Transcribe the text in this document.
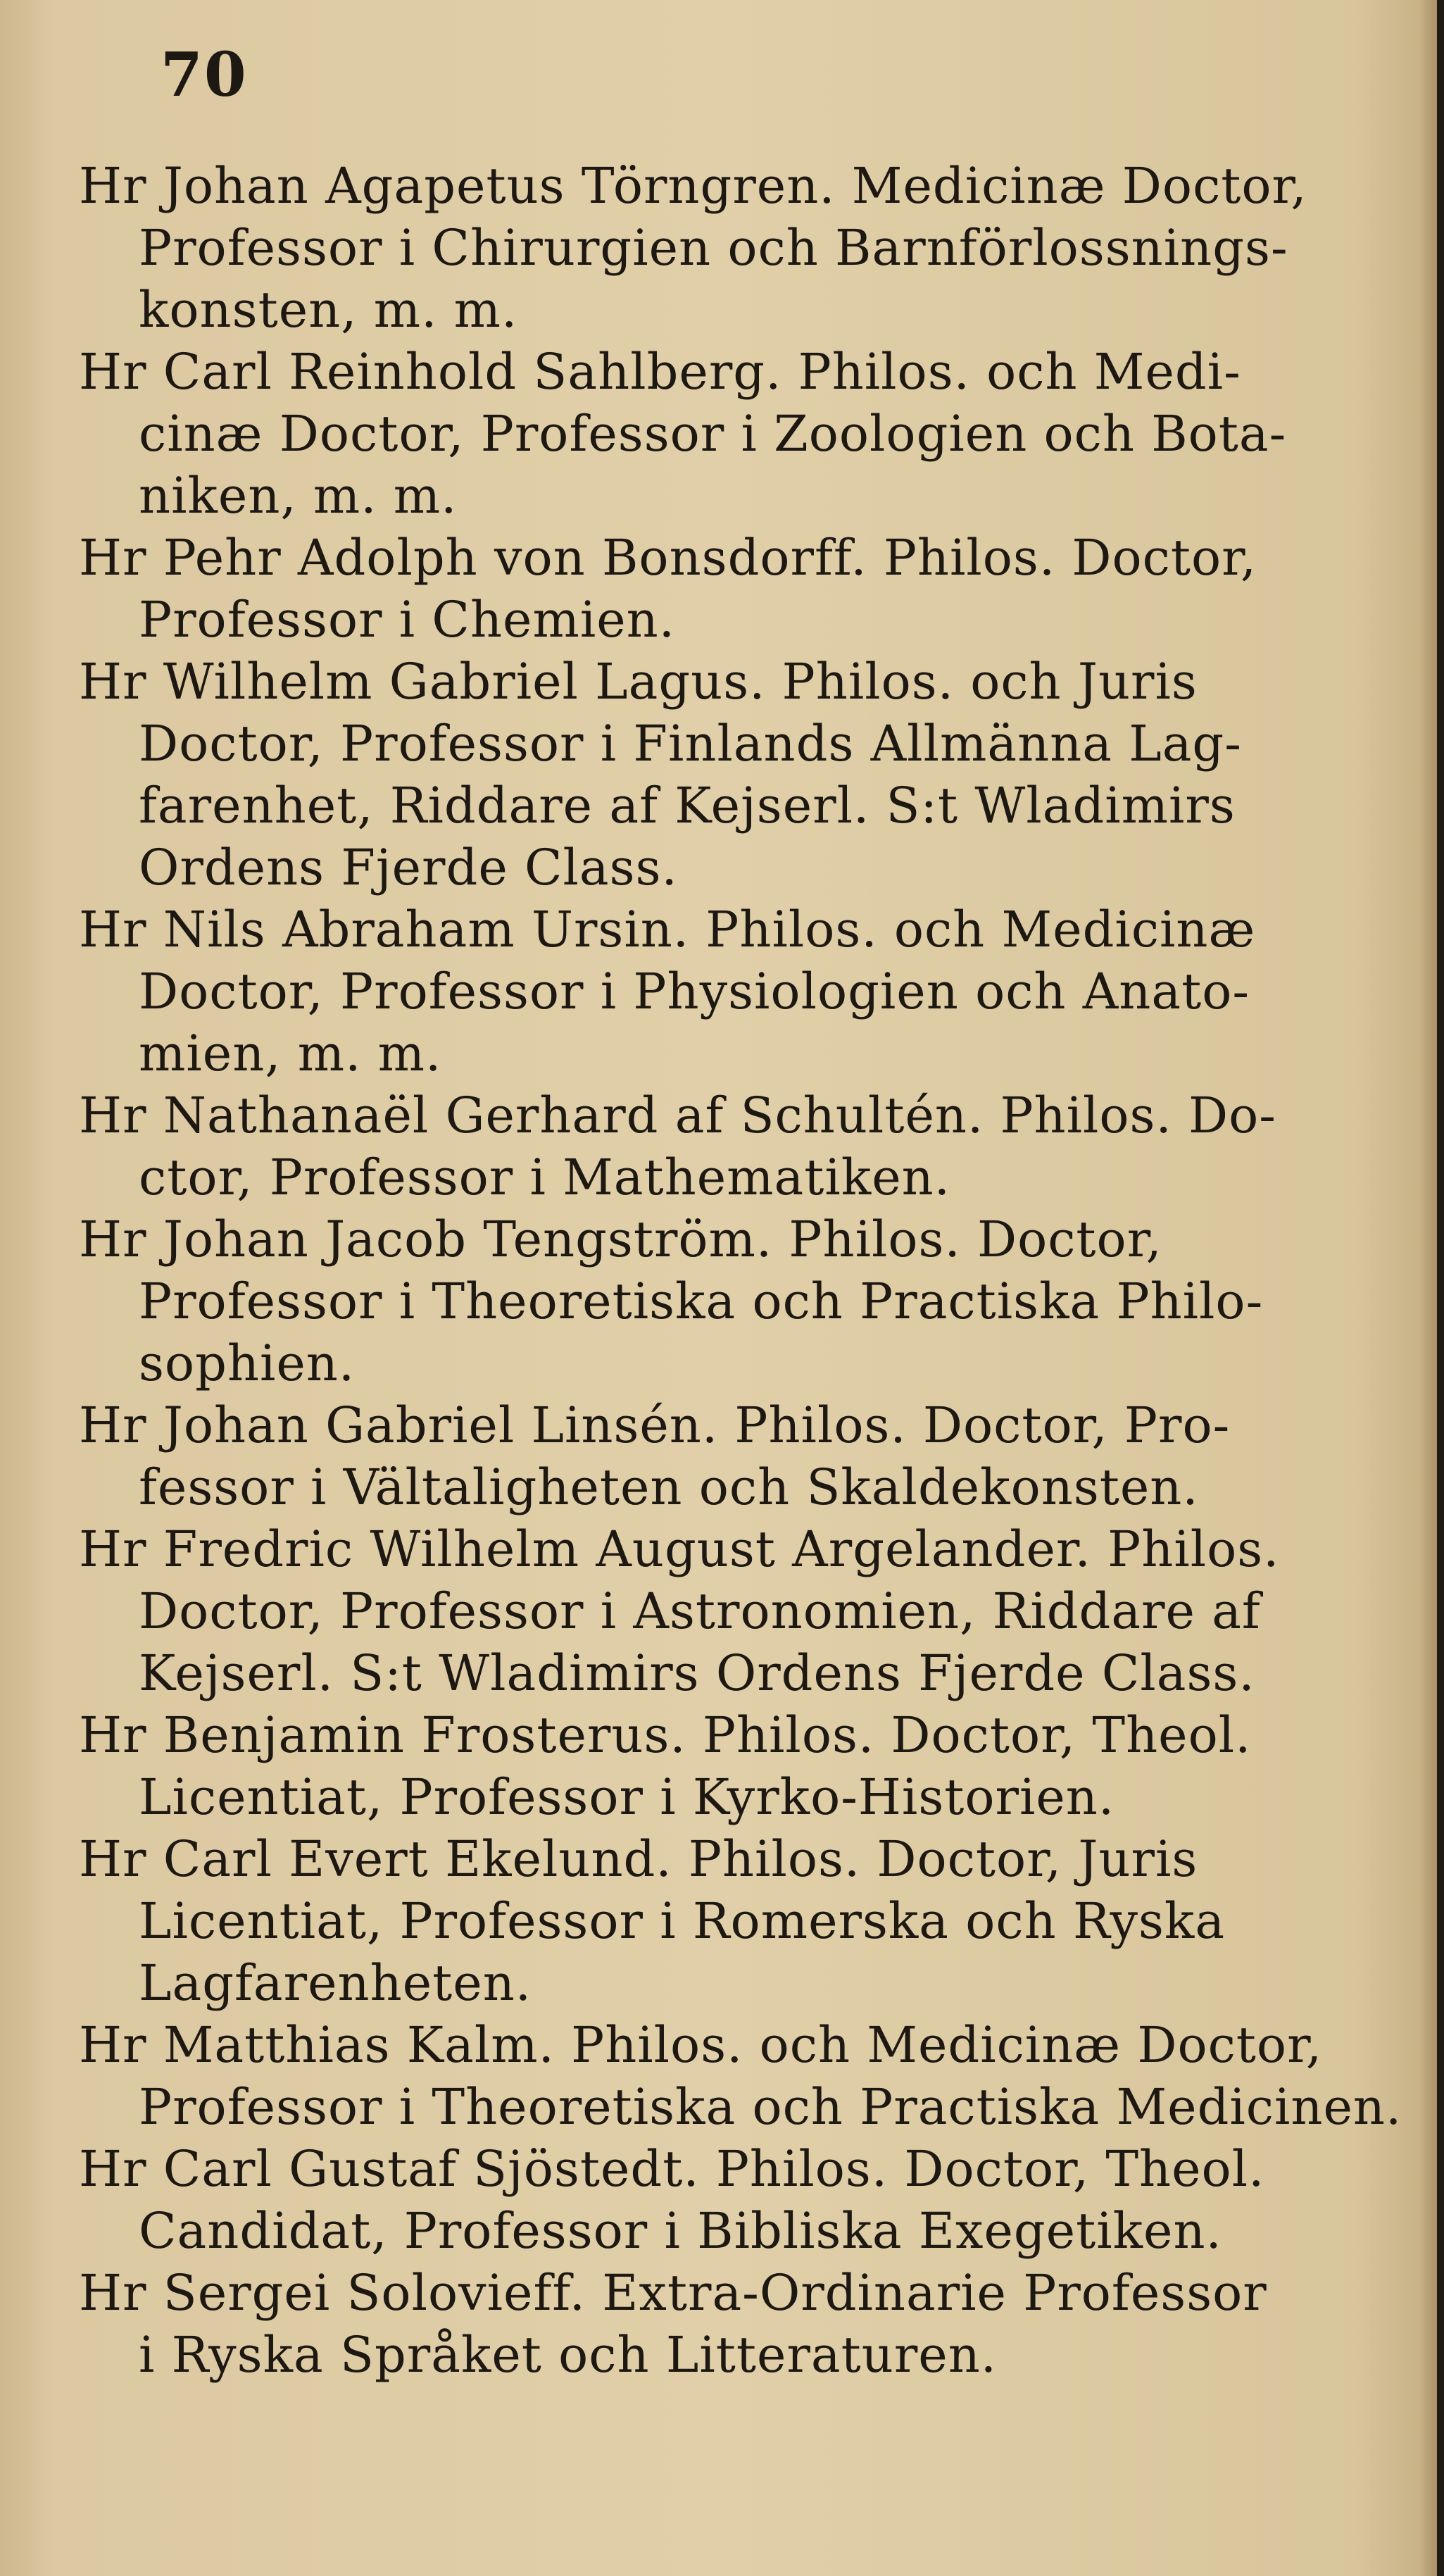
70
Hr Johan Agapetus Törngren. Medicinæ Doctor,
Professor i Chirurgien och Barnförlossnings-
konsten, m. m.
Hr Carl Reinhold Sahlberg. Philos. och Medi-
cinæ Doctor, Professor i Zoologien och Bota-
niken, m. m.
Hr Pehr Adolph von Bonsdorff. Philos. Doctor,
Professor i Chemien.
Hr Wilhelm Gabriel Lagus. Philos. och Juris
Doctor, Professor i Finlands Allmänna Lag-
farenhet, Riddare af Kejserl. S:t Wladimirs
Ordens Fjerde Class.
Hr Nils Abraham Ursin. Philos. och Medicinæ
Doctor, Professor i Physiologien och Anato-
mien, m. m.
Hr Nathanaël Gerhard af Schultén. Philos. Do-
ctor, Professor i Mathematiken.
Hr Johan Jacob Tengström. Philos. Doctor,
Professor i Theoretiska och Practiska Philo-
sophien.
Hr Johan Gabriel Linsén. Philos. Doctor, Pro-
fessor i Vältaligheten och Skaldekonsten.
Hr Fredric Wilhelm August Argelander. Philos.
Doctor, Professor i Astronomien, Riddare af
Kejserl. S:t Wladimirs Ordens Fjerde Class.
Hr Benjamin Frosterus. Philos. Doctor, Theol.
Licentiat, Professor i Kyrko-Historien.
Hr Carl Evert Ekelund. Philos. Doctor, Juris
Licentiat, Professor i Romerska och Ryska
Lagfarenheten.
Hr Matthias Kalm. Philos. och Medicinæ Doctor,
Professor i Theoretiska och Practiska Medicinen.
Hr Carl Gustaf Sjöstedt. Philos. Doctor, Theol.
Candidat, Professor i Bibliska Exegetiken.
Hr Sergei Solovieff. Extra-Ordinarie Professor
i Ryska Språket och Litteraturen.
